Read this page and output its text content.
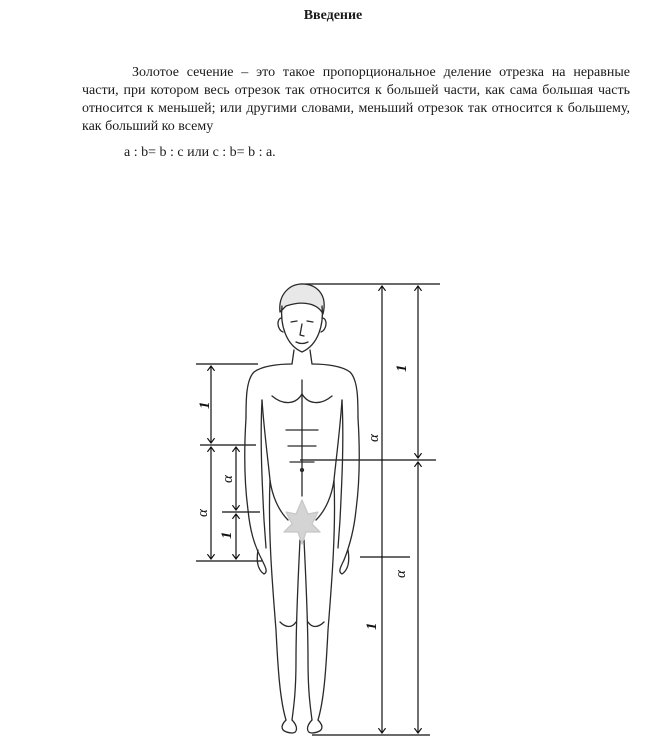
Введение
Золотое сечение – это такое пропорциональное деление отрезка на неравные части, при котором весь отрезок так относится к большей части, как сама большая часть относится к меньшей; или другими словами, меньший отрезок так относится к большему, как больший ко всему
a : b= b : c или c : b= b : a.
1
α
α
1
1
α
α
1
